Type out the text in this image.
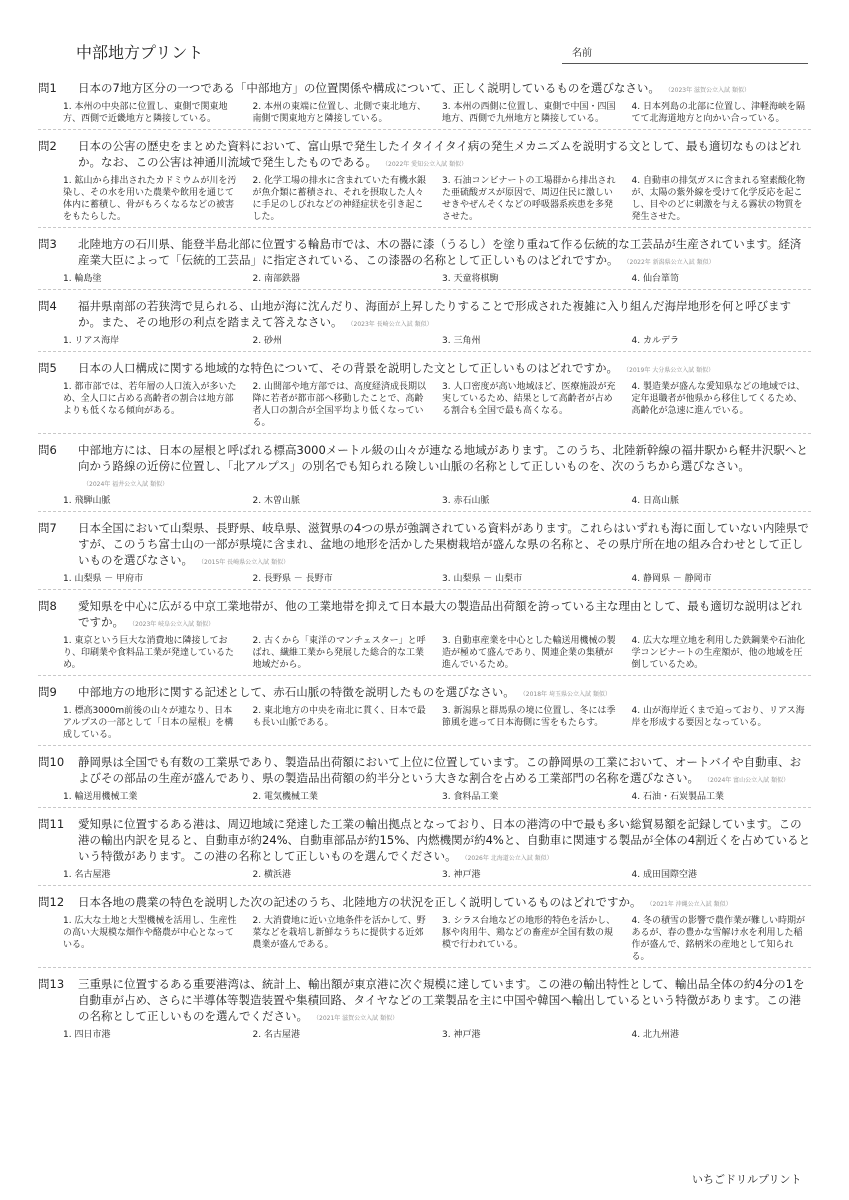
中部地方プリント	名前
問1	日本の7地方区分の一つである「中部地方」の位置関係や構成について、正しく説明しているものを選びなさい。 （2023年 滋賀公立入試 類似）
1. 本州の中央部に位置し、東側で関東地方、西側で近畿地方と隣接している。
2. 本州の東端に位置し、北側で東北地方、南側で関東地方と隣接している。
3. 本州の西側に位置し、東側で中国・四国地方、西側で九州地方と隣接している。
4. 日本列島の北部に位置し、津軽海峡を隔てて北海道地方と向かい合っている。
問2	日本の公害の歴史をまとめた資料において、富山県で発生したイタイイタイ病の発生メカニズムを説明する文として、最も適切なものはどれか。なお、この公害は神通川流域で発生したものである。 （2022年 愛知公立入試 類似）
1. 鉱山から排出されたカドミウムが川を汚染し、その水を用いた農業や飲用を通じて体内に蓄積し、骨がもろくなるなどの被害をもたらした。
2. 化学工場の排水に含まれていた有機水銀が魚介類に蓄積され、それを摂取した人々に手足のしびれなどの神経症状を引き起こした。
3. 石油コンビナートの工場群から排出された亜硫酸ガスが原因で、周辺住民に激しいせきやぜんそくなどの呼吸器系疾患を多発させた。
4. 自動車の排気ガスに含まれる窒素酸化物が、太陽の紫外線を受けて化学反応を起こし、目やのどに刺激を与える霧状の物質を発生させた。
問3	北陸地方の石川県、能登半島北部に位置する輪島市では、木の器に漆（うるし）を塗り重ねて作る伝統的な工芸品が生産されています。経済産業大臣によって「伝統的工芸品」に指定されている、この漆器の名称として正しいものはどれですか。 （2022年 新潟県公立入試 類似）
1. 輪島塗	2. 南部鉄器	3. 天童将棋駒	4. 仙台箪笥
問4	福井県南部の若狭湾で見られる、山地が海に沈んだり、海面が上昇したりすることで形成された複雑に入り組んだ海岸地形を何と呼びますか。また、その地形の利点を踏まえて答えなさい。 （2023年 長崎公立入試 類似）
1. リアス海岸	2. 砂州	3. 三角州	4. カルデラ
問5	日本の人口構成に関する地域的な特色について、その背景を説明した文として正しいものはどれですか。 （2019年 大分県公立入試 類似）
1. 都市部では、若年層の人口流入が多いため、全人口に占める高齢者の割合は地方部よりも低くなる傾向がある。
2. 山間部や地方部では、高度経済成長期以降に若者が都市部へ移動したことで、高齢者人口の割合が全国平均より低くなっている。
3. 人口密度が高い地域ほど、医療施設が充実しているため、結果として高齢者が占める割合も全国で最も高くなる。
4. 製造業が盛んな愛知県などの地域では、定年退職者が他県から移住してくるため、高齢化が急速に進んでいる。
問6	中部地方には、日本の屋根と呼ばれる標高3000メートル級の山々が連なる地域があります。このうち、北陸新幹線の福井駅から軽井沢駅へと向かう路線の近傍に位置し、「北アルプス」の別名でも知られる険しい山脈の名称として正しいものを、次のうちから選びなさい。（2024年 福井公立入試 類似）
1. 飛騨山脈	2. 木曽山脈	3. 赤石山脈	4. 日高山脈
問7	日本全国において山梨県、長野県、岐阜県、滋賀県の4つの県が強調されている資料があります。これらはいずれも海に面していない内陸県ですが、このうち富士山の一部が県境に含まれ、盆地の地形を活かした果樹栽培が盛んな県の名称と、その県庁所在地の組み合わせとして正しいものを選びなさい。 （2015年 長崎県公立入試 類似）
1. 山梨県 － 甲府市	2. 長野県 － 長野市	3. 山梨県 － 山梨市	4. 静岡県 － 静岡市
問8	愛知県を中心に広がる中京工業地帯が、他の工業地帯を抑えて日本最大の製造品出荷額を誇っている主な理由として、最も適切な説明はどれですか。 （2023年 岐阜公立入試 類似）
1. 東京という巨大な消費地に隣接しており、印刷業や食料品工業が発達しているため。
2. 古くから「東洋のマンチェスター」と呼ばれ、繊維工業から発展した総合的な工業地域だから。
3. 自動車産業を中心とした輸送用機械の製造が極めて盛んであり、関連企業の集積が進んでいるため。
4. 広大な埋立地を利用した鉄鋼業や石油化学コンビナートの生産額が、他の地域を圧倒しているため。
問9	中部地方の地形に関する記述として、赤石山脈の特徴を説明したものを選びなさい。 （2018年 埼玉県公立入試 類似）
1. 標高3000m前後の山々が連なり、日本アルプスの一部として「日本の屋根」を構成している。
2. 東北地方の中央を南北に貫く、日本で最も長い山脈である。
3. 新潟県と群馬県の境に位置し、冬には季節風を遮って日本海側に雪をもたらす。
4. 山が海岸近くまで迫っており、リアス海岸を形成する要因となっている。
問10	静岡県は全国でも有数の工業県であり、製造品出荷額において上位に位置しています。この静岡県の工業において、オートバイや自動車、およびその部品の生産が盛んであり、県の製造品出荷額の約半分という大きな割合を占める工業部門の名称を選びなさい。 （2024年 富山公立入試 類似）
1. 輸送用機械工業	2. 電気機械工業	3. 食料品工業	4. 石油・石炭製品工業
問11	愛知県に位置するある港は、周辺地域に発達した工業の輸出拠点となっており、日本の港湾の中で最も多い総貿易額を記録しています。この港の輸出内訳を見ると、自動車が約24%、自動車部品が約15%、内燃機関が約4%と、自動車に関連する製品が全体の4割近くを占めているという特徴があります。この港の名称として正しいものを選んでください。 （2026年 北海道公立入試 類似）
1. 名古屋港	2. 横浜港	3. 神戸港	4. 成田国際空港
問12	日本各地の農業の特色を説明した次の記述のうち、北陸地方の状況を正しく説明しているものはどれですか。 （2021年 沖縄公立入試 類似）
1. 広大な土地と大型機械を活用し、生産性の高い大規模な畑作や酪農が中心となっている。
2. 大消費地に近い立地条件を活かして、野菜などを栽培し新鮮なうちに提供する近郊農業が盛んである。
3. シラス台地などの地形的特色を活かし、豚や肉用牛、鶏などの畜産が全国有数の規模で行われている。
4. 冬の積雪の影響で農作業が難しい時期があるが、春の豊かな雪解け水を利用した稲作が盛んで、銘柄米の産地として知られる。
問13	三重県に位置するある重要港湾は、統計上、輸出額が東京港に次ぐ規模に達しています。この港の輸出特性として、輸出品全体の約4分の1を自動車が占め、さらに半導体等製造装置や集積回路、タイヤなどの工業製品を主に中国や韓国へ輸出しているという特徴があります。この港の名称として正しいものを選んでください。 （2021年 滋賀公立入試 類似）
1. 四日市港	2. 名古屋港	3. 神戸港	4. 北九州港
いちごドリルプリント
